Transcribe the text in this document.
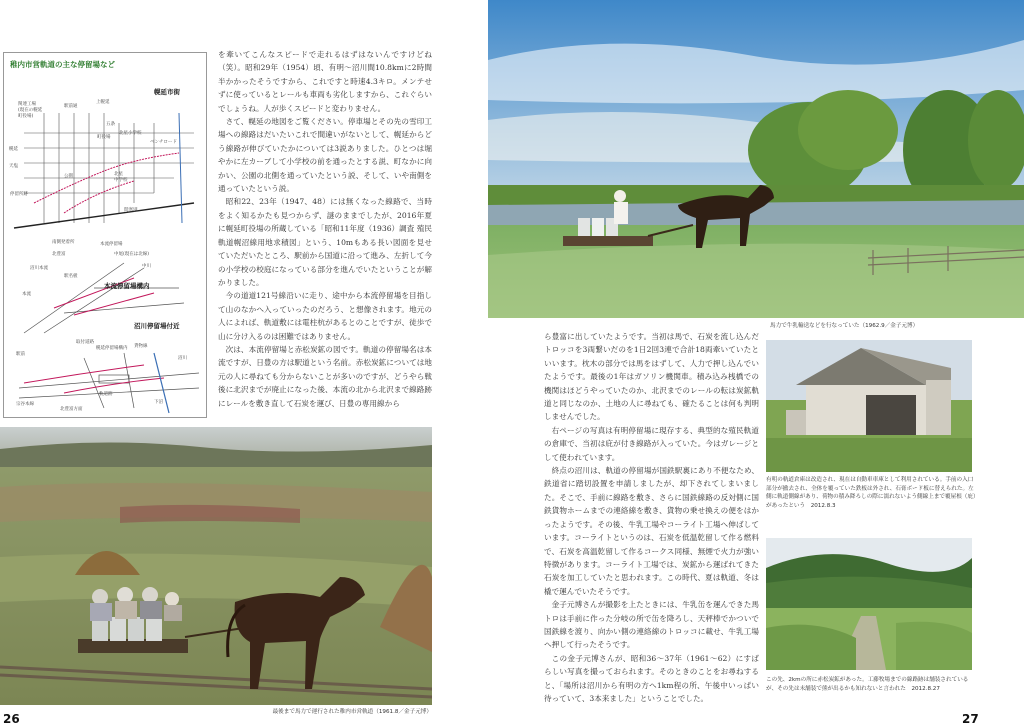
稚内市営軌道の主な停留場など
幌延市街
本流停留場構内
沼川停留場付近
関連工場
(現在の幌延
町役場)
駅前通
上幌延
五条
町役場
北星小学校
ベンチロード
幌延
天塩
停留所跡
公園	北星
問寒別
中学校
南側発着所	本流停留場
北豊富
沼川本流
中尾(現在は北線)
駅名板
本流
中川
取付道路
駅前
幌延停留場構内 貨物線
沼川
宗谷本線	下沼
軌道跡
北豊富方面

を牽いてこんなスピードで走れるはずはないんですけどね（笑）。昭和29年（1954）頃、有明〜沼川間10.8kmに2時間半かかったそうですから、これですと時速4.3キロ。メンテせずに使っているとレールも車両も劣化しますから、これぐらいでしょうね。人が歩くスピードと変わりません。

さて、幌延の地図をご覧ください。停車場とその先の雪印工場への線路はだいたいこれで間違いがないとして、幌延からどう線路が伸びていたかについては3説ありました。ひとつは堀やかに左カーブして小学校の前を通ったとする説、町なかに向かい、公園の北側を通っていたという説、そして、いや南側を通っていたという説。

昭和22、23年（1947、48）には無くなった線路で、当時をよく知るかたも見つからず、謎のままでしたが、2016年夏に幌延町役場の所蔵している「昭和11年度（1936）調査 殖民軌道幌沼線用地求積図」という、10mもある長い図面を見せていただいたところ、駅前から国道に沿って進み、左折して今の小学校の校庭になっている部分を進んでいたということが解かりました。

今の道道121号線沿いに走り、途中から本流停留場を目指して山のなかへ入っていったのだろう、と想像されます。地元の人によれば、軌道敷には電柱杭があるとのことですが、徒歩で山に分け入るのは困難ではありません。

次は、本流停留場と赤松炭鉱の図です。軌道の停留場名は本流ですが、日豊の方は駅道という名前。赤松炭鉱については地元の人に尋ねても分からないことが多いのですが、どうやら戦後に北沢までが廃止になった後、本流の北から北沢まで線路跡にレールを敷き直して石炭を運び、日豊の専用線から

最後まで馬力で運行された稚内市営軌道（1961.8／金子元博）
26
馬力で牛乳輸送などを行なっていた（1962.9／金子元博）

ら豊富に出していたようです。当初は馬で、石炭を流し込んだトロッコを3両繋いだのを1日2回3連で合計18両牽いていたといいます。枕木の部分では馬をはずして、人力で押し込んでいたようです。最後の1年はガソリン機関車。積み込み桟橋での機関はほどうやっていたのか、北沢までのレールの転は炭鉱軌道と同じなのか、土地の人に尋ねても、確たることは何も判明しませんでした。

右ページの写真は有明停留場に現存する、典型的な殖民軌道の倉庫で、当初は庇が付き線路が入っていた。今はガレージとして使われています。

終点の沼川は、軌道の停留場が国鉄駅裏にあり不便なため、鉄道省に踏切設置を申請しましたが、却下されてしまいました。そこで、手前に線路を敷き、さらに国鉄線路の反対側に国鉄貨物ホームまでの連絡線を敷き、貨物の乗せ換えの便をはかったようです。その後、牛乳工場やコーライト工場へ伸ばしています。コーライトというのは、石炭を低温乾留して作る燃料で、石炭を高温乾留して作るコークス同様、無煙で火力が強い特徴があります。コーライト工場では、炭鉱から運ばれてきた石炭を加工していたと思われます。この時代、夏は軌道、冬は橇で運んでいたそうです。

金子元博さんが撮影を上たときには、牛乳缶を運んできた馬トロは手前に作った分岐の所で缶を降ろし、天秤棒でかついで国鉄線を渡り、向かい側の連絡線のトロッコに載せ、牛乳工場へ押して行ったそうです。

この金子元博さんが、昭和36〜37年（1961〜62）にすばらしい写真を撮っておられます。そのときのことをお尋ねすると、「場所は沼川から有明の方へ1km程の所、午後中いっぱい待っていて、3本来ました」ということでした。

有明の軌道倉庫は改造され、現在は自動車車庫として利用されている。手前の入口部分が撤去され、全体を覆っていた鉄板は外され、石膏ボード板に替えられた。左側に軌道側線があり、荷物の積み降ろしの際に濡れないよう側線上まで覆屋根（庇）があったという　2012.8.3
この先、2kmの所に赤松炭鉱があった。工藤牧場までの線路跡は舗装されているが、その先は未舗装で熊が出るかも知れないと言われた　2012.8.27
27
